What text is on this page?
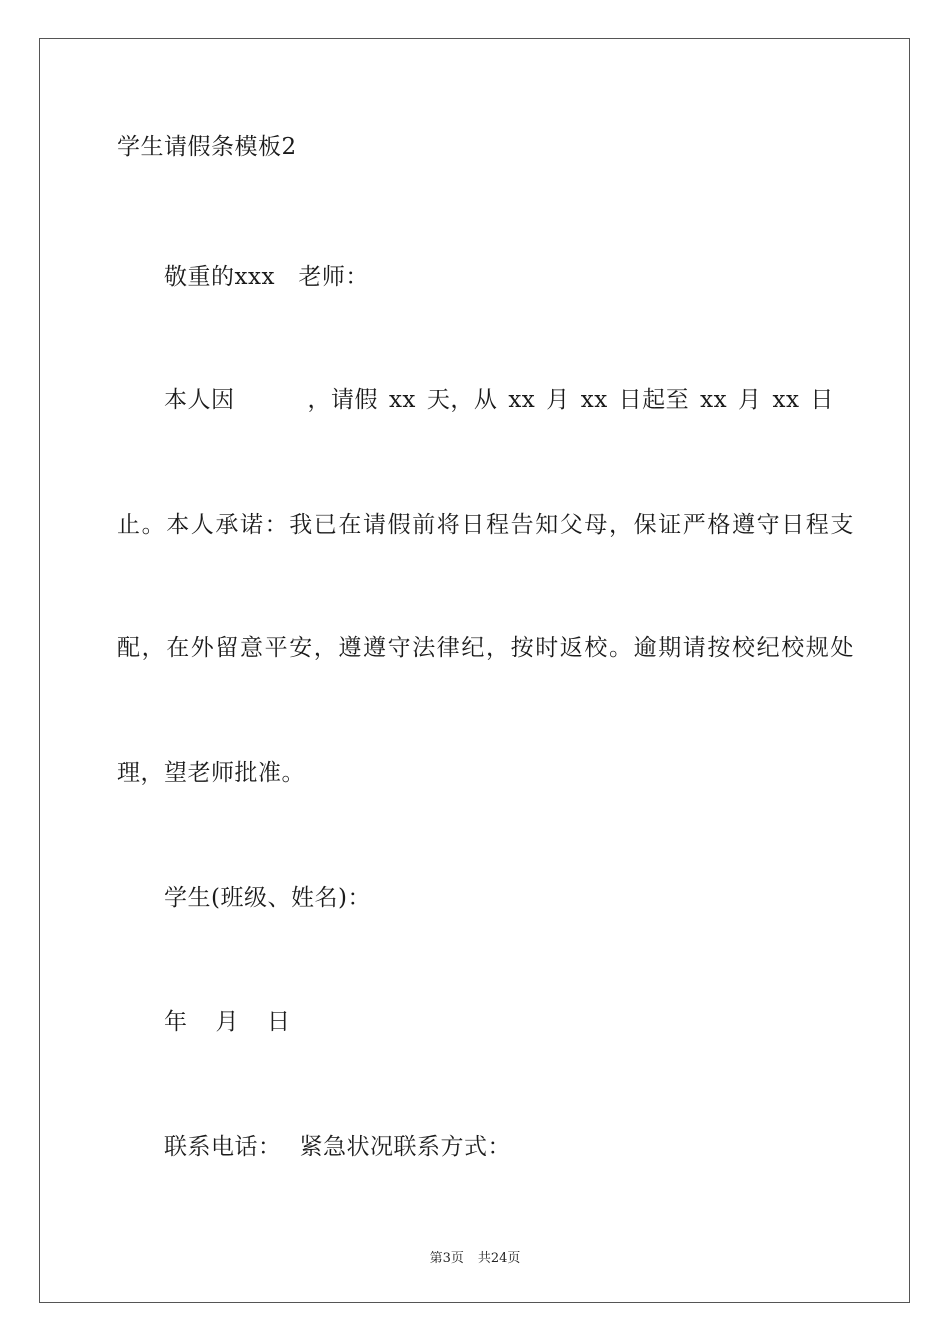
学生请假条模板2
敬重的xxx   老师：
本人因	，请假 xx 天，从 xx 月 xx 日起至 xx 月 xx 日
止。本人承诺：我已在请假前将日程告知父母，保证严格遵守日程支
配，在外留意平安，遵遵守法律纪，按时返校。逾期请按校纪校规处
理，望老师批准。
学生(班级、姓名)：
年 月 日
联系电话： 紧急状况联系方式：
第3页 共24页
